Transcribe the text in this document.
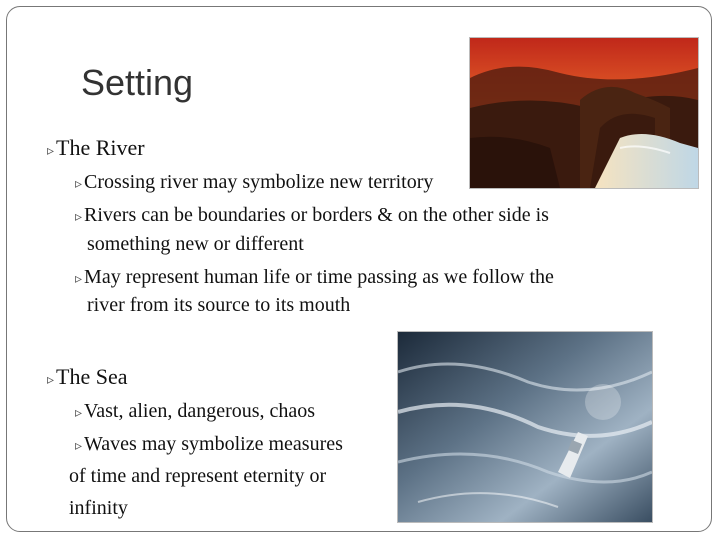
Setting
▹The River
▹ Crossing river may symbolize new territory
▹ Rivers can be boundaries or borders & on the other side is
something new or different
▹ May represent human life or time passing as we follow the
river from its source to its mouth
▹The Sea
▹ Vast, alien, dangerous, chaos
▹ Waves may symbolize measures
of time and represent eternity or
infinity
